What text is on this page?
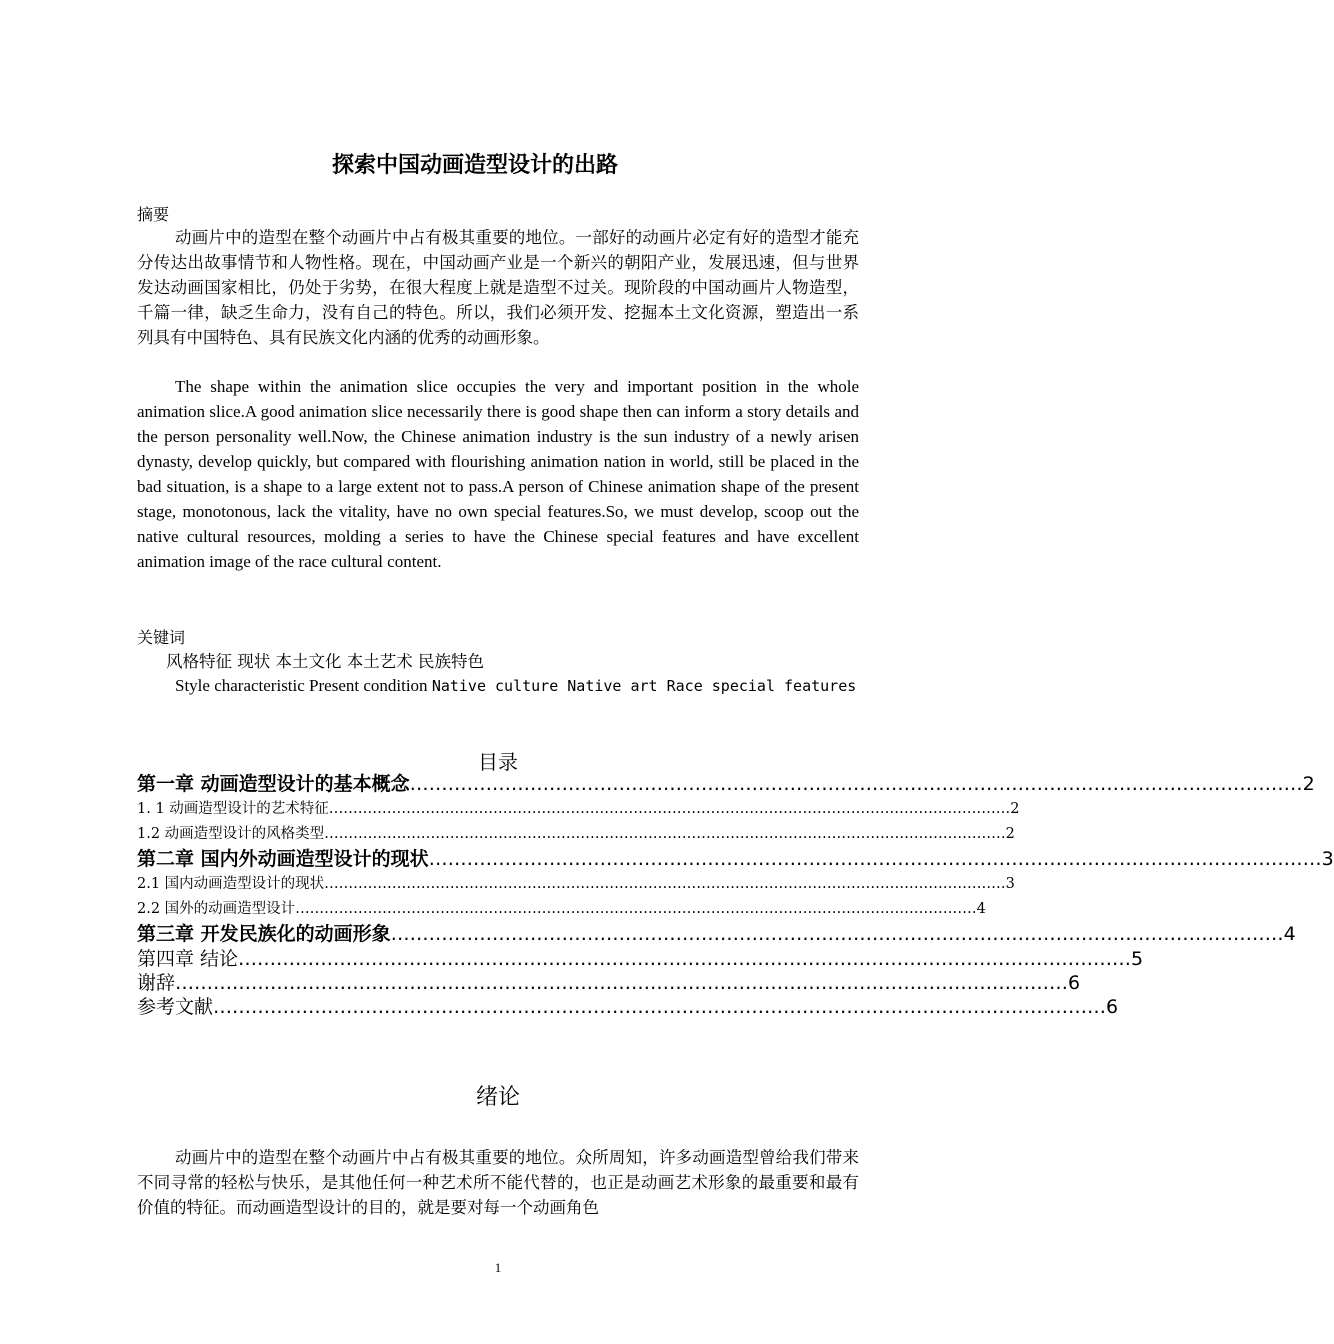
探索中国动画造型设计的出路
摘要

动画片中的造型在整个动画片中占有极其重要的地位。一部好的动画片必定有好的造型才能充分传达出故事情节和人物性格。现在，中国动画产业是一个新兴的朝阳产业，发展迅速，但与世界发达动画国家相比，仍处于劣势，在很大程度上就是造型不过关。现阶段的中国动画片人物造型，千篇一律，缺乏生命力，没有自己的特色。所以，我们必须开发、挖掘本土文化资源，塑造出一系列具有中国特色、具有民族文化内涵的优秀的动画形象。

The shape within the animation slice occupies the very and important position in the whole animation slice.A good animation slice necessarily there is good shape then can inform a story details and the person personality well.Now, the Chinese animation industry is the sun industry of a newly arisen dynasty, develop quickly, but compared with flourishing animation nation in world, still be placed in the bad situation, is a shape to a large extent not to pass.A person of Chinese animation shape of the present stage, monotonous, lack the vitality, have no own special features.So, we must develop, scoop out the native cultural resources, molding a series to have the Chinese special features and have excellent animation image of the race cultural content.

关键词
风格特征 现状 本土文化 本土艺术 民族特色
Style characteristic Present condition Native culture Native art Race special features
目录
第一章 动画造型设计的基本概念 …………………………………………………………………………………………………………………………… 2
1. 1 动画造型设计的艺术特征 …………………………………………………………………………………………………………………………… 2
1.2 动画造型设计的风格类型 …………………………………………………………………………………………………………………………… 2
第二章 国内外动画造型设计的现状 …………………………………………………………………………………………………………………………… 3
2.1 国内动画造型设计的现状 …………………………………………………………………………………………………………………………… 3
2.2 国外的动画造型设计 …………………………………………………………………………………………………………………………… 4
第三章 开发民族化的动画形象 …………………………………………………………………………………………………………………………… 4
第四章 结论 …………………………………………………………………………………………………………………………… 5
谢辞 …………………………………………………………………………………………………………………………… 6
参考文献 …………………………………………………………………………………………………………………………… 6
绪论

动画片中的造型在整个动画片中占有极其重要的地位。众所周知，许多动画造型曾给我们带来不同寻常的轻松与快乐，是其他任何一种艺术所不能代替的，也正是动画艺术形象的最重要和最有价值的特征。而动画造型设计的目的，就是要对每一个动画角色

1
